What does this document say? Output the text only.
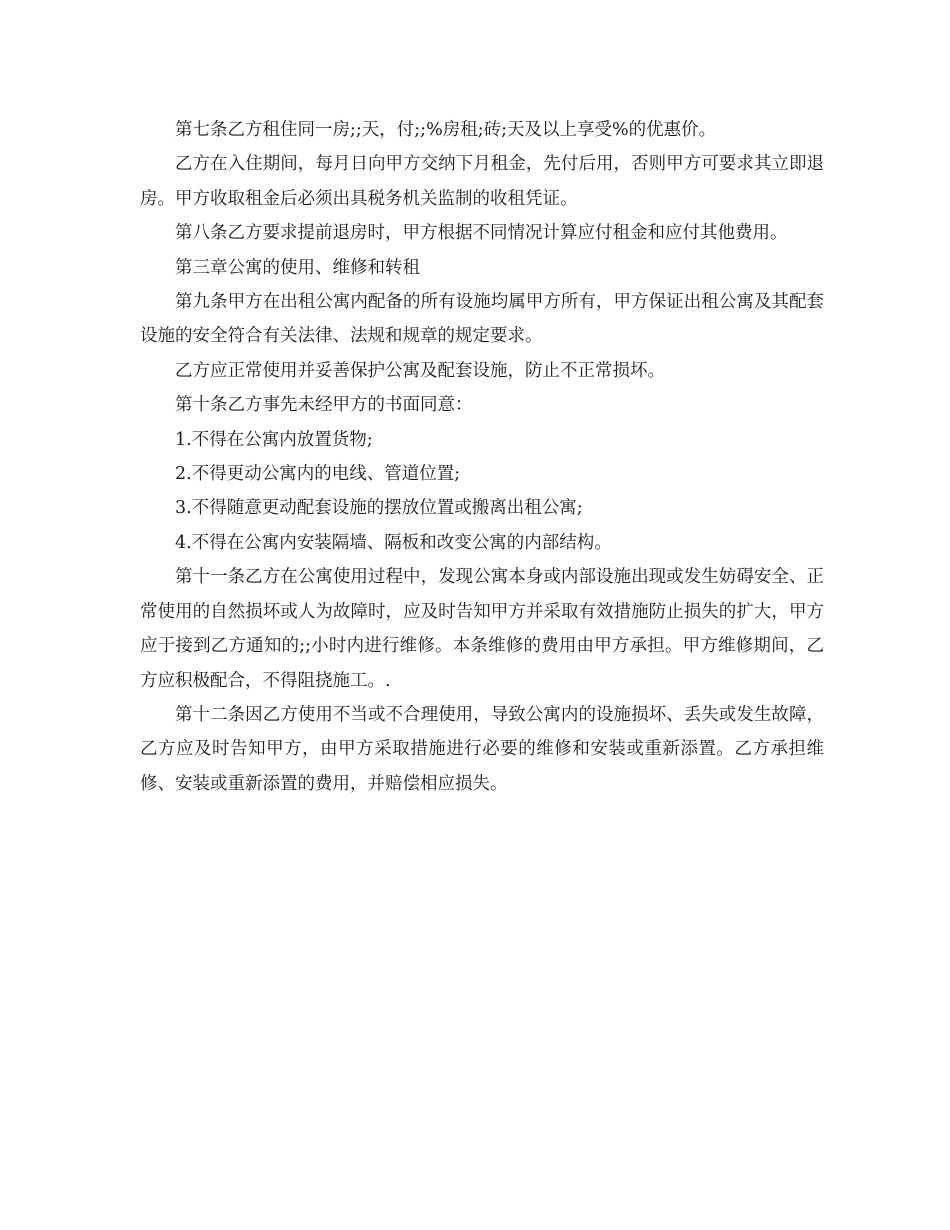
第七条乙方租住同一房;;天，付;;%房租;砖;天及以上享受%的优惠价。

乙方在入住期间，每月日向甲方交纳下月租金，先付后用，否则甲方可要求其立即退房。甲方收取租金后必须出具税务机关监制的收租凭证。

第八条乙方要求提前退房时，甲方根据不同情况计算应付租金和应付其他费用。

第三章公寓的使用、维修和转租

第九条甲方在出租公寓内配备的所有设施均属甲方所有，甲方保证出租公寓及其配套设施的安全符合有关法律、法规和规章的规定要求。

乙方应正常使用并妥善保护公寓及配套设施，防止不正常损坏。

第十条乙方事先未经甲方的书面同意：

1.不得在公寓内放置货物;

2.不得更动公寓内的电线、管道位置;

3.不得随意更动配套设施的摆放位置或搬离出租公寓;

4.不得在公寓内安装隔墙、隔板和改变公寓的内部结构。

第十一条乙方在公寓使用过程中，发现公寓本身或内部设施出现或发生妨碍安全、正常使用的自然损坏或人为故障时，应及时告知甲方并采取有效措施防止损失的扩大，甲方应于接到乙方通知的;;小时内进行维修。本条维修的费用由甲方承担。甲方维修期间，乙方应积极配合，不得阻挠施工。.

第十二条因乙方使用不当或不合理使用，导致公寓内的设施损坏、丢失或发生故障，乙方应及时告知甲方，由甲方采取措施进行必要的维修和安装或重新添置。乙方承担维修、安装或重新添置的费用，并赔偿相应损失。
